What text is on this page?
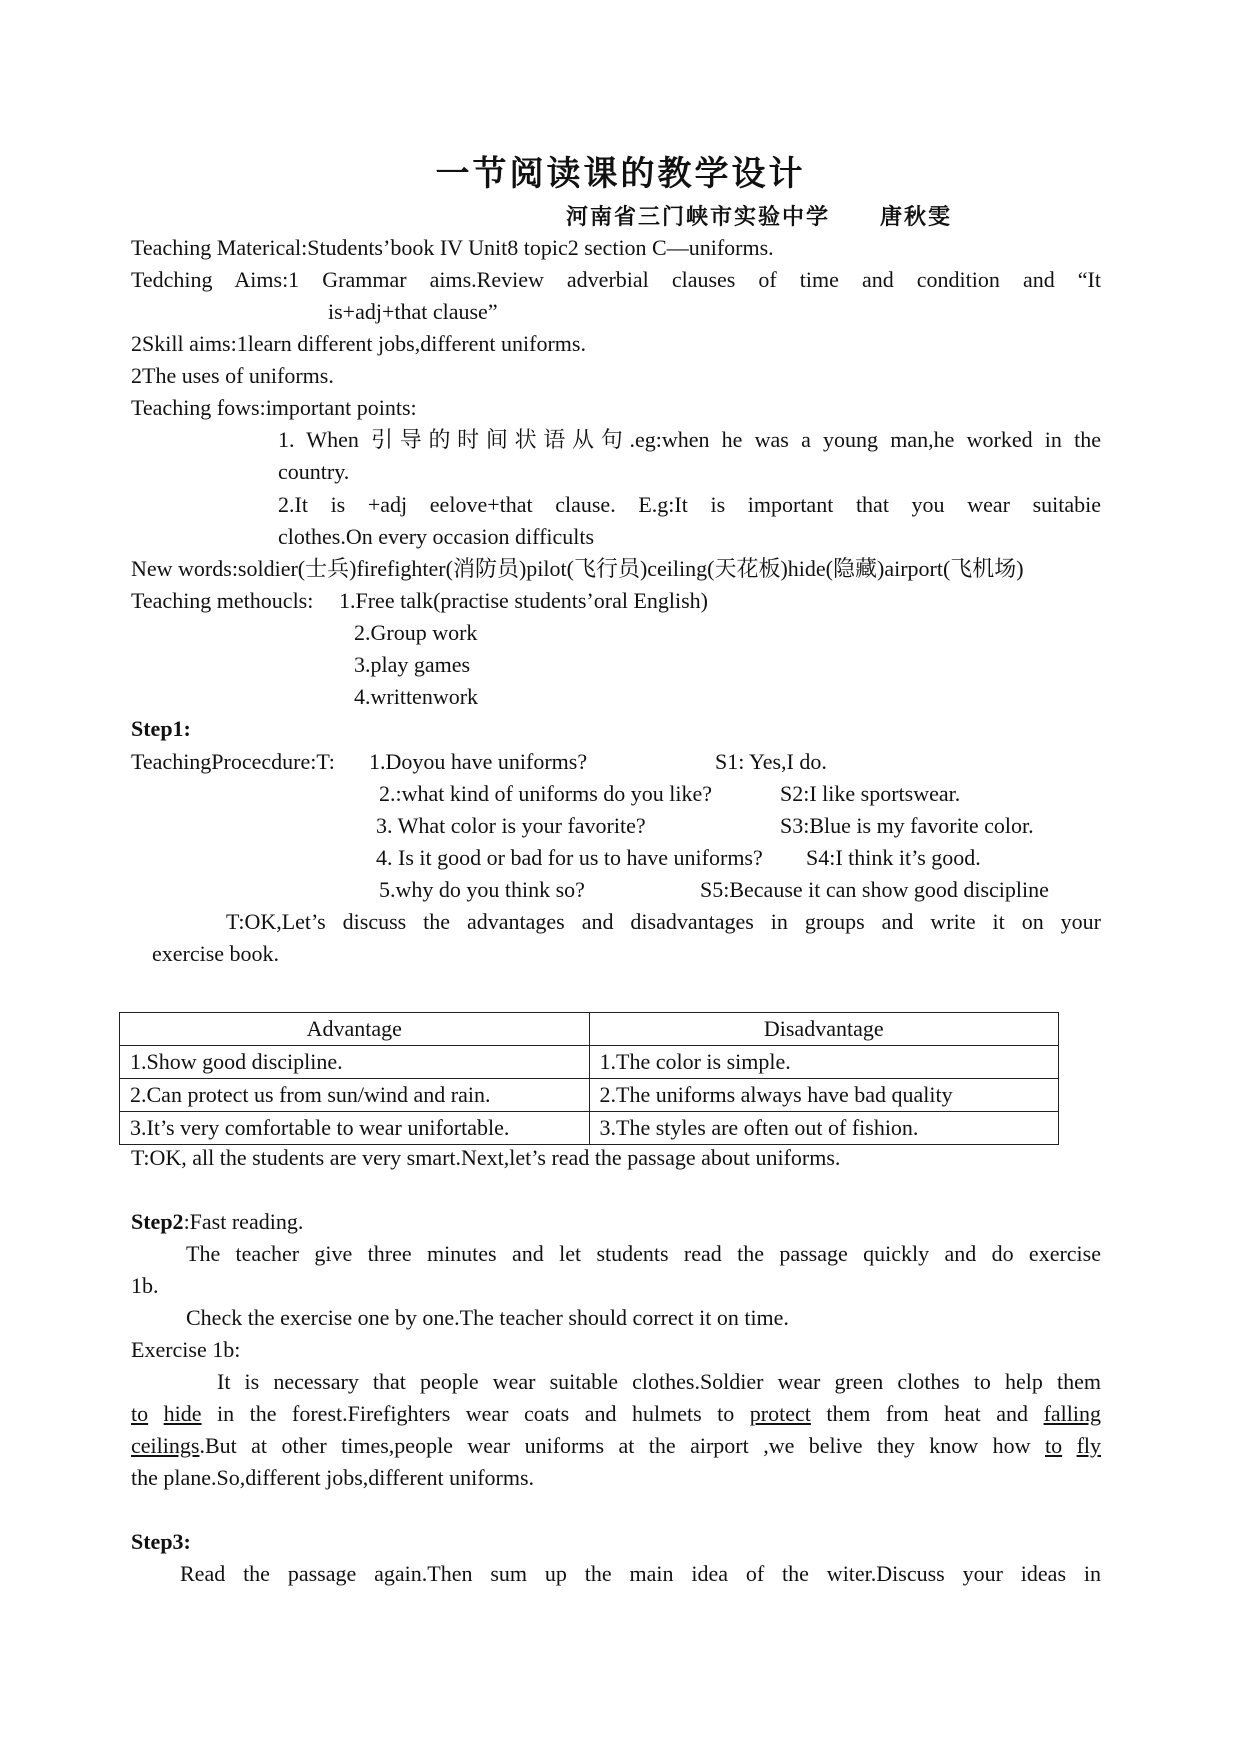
一节阅读课的教学设计
河南省三门峡市实验中学 唐秋雯
Teaching Materical:Students’book IV Unit8 topic2 section C—uniforms.
Tedching Aims:1 Grammar aims.Review adverbial clauses of time and condition and “It
is+adj+that clause”
2Skill aims:1learn different jobs,different uniforms.
2The uses of uniforms.
Teaching fows:important points:
1. When 引导的时间状语从句.eg:when he was a young man,he worked in the
country.
2.It is +adj eelove+that clause. E.g:It is important that you wear suitabie
clothes.On every occasion difficults
New words:soldier(士兵)firefighter(消防员)pilot(飞行员)ceiling(天花板)hide(隐藏)airport(飞机场)
Teaching methoucls: 1.Free talk(practise students’oral English)
2.Group work
3.play games
4.writtenwork
Step1:
TeachingProcecdure:T: 1.Doyou have uniforms?	S1: Yes,I do.
2.:what kind of uniforms do you like?	S2:I like sportswear.
3. What color is your favorite?	S3:Blue is my favorite color.
4. Is it good or bad for us to have uniforms? S4:I think it’s good.
5.why do you think so?	S5:Because it can show good discipline
T:OK,Let’s discuss the advantages and disadvantages in groups and write it on your
exercise book.
Advantage	Disadvantage
1.Show good discipline.	1.The color is simple.
2.Can protect us from sun/wind and rain.	2.The uniforms always have bad quality
3.It’s very comfortable to wear unifortable.	3.The styles are often out of fishion.
T:OK, all the students are very smart.Next,let’s read the passage about uniforms.
Step2:Fast reading.
The teacher give three minutes and let students read the passage quickly and do exercise
1b.
Check the exercise one by one.The teacher should correct it on time.
Exercise 1b:
It is necessary that people wear suitable clothes.Soldier wear green clothes to help them
to hide in the forest.Firefighters wear coats and hulmets to protect them from heat and falling
ceilings.But at other times,people wear uniforms at the airport ,we belive they know how to fly
the plane.So,different jobs,different uniforms.
Step3:
Read the passage again.Then sum up the main idea of the witer.Discuss your ideas in
